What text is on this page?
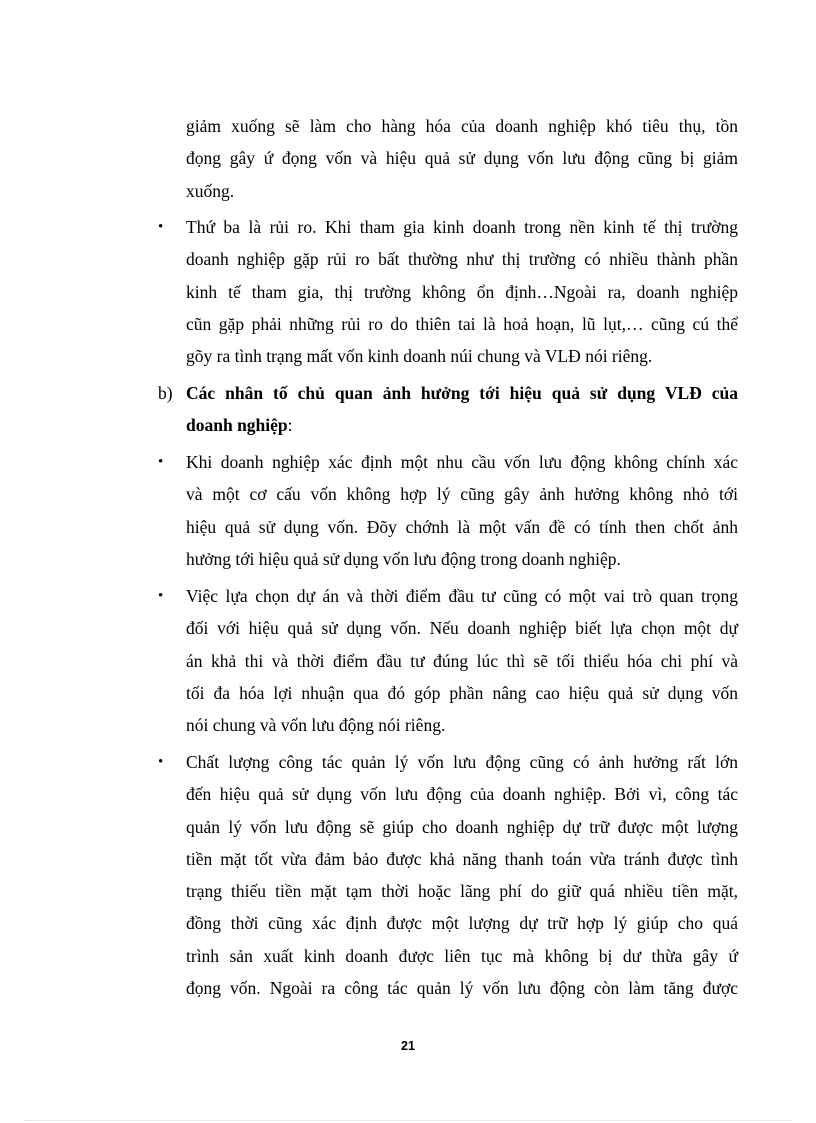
giảm xuống sẽ làm cho hàng hóa của doanh nghiệp khó tiêu thụ, tồn
đọng gây ứ đọng vốn và hiệu quả sử dụng vốn lưu động cũng bị giảm
xuống.
•	Thứ ba là rủi ro. Khi tham gia kinh doanh trong nền kinh tế thị trường
doanh nghiệp gặp rủi ro bất thường như thị trường có nhiều thành phần
kinh tế tham gia, thị trường không ổn định…Ngoài ra, doanh nghiệp
cũn gặp phải những rủi ro do thiên tai là hoả hoạn, lũ lụt,… cũng cú thể
gõy ra tình trạng mất vốn kinh doanh núi chung và VLĐ nói riêng.
b) Các nhân tố chủ quan ảnh hưởng tới hiệu quả sử dụng VLĐ của
doanh nghiệp:
•	Khi doanh nghiệp xác định một nhu cầu vốn lưu động không chính xác
và một cơ cấu vốn không hợp lý cũng gây ảnh hưởng không nhỏ tới
hiệu quả sử dụng vốn. Đõy chớnh là một vấn đề có tính then chốt ảnh
hưởng tới hiệu quả sử dụng vốn lưu động trong doanh nghiệp.
•	Việc lựa chọn dự án và thời điểm đầu tư cũng có một vai trò quan trọng
đối với hiệu quả sử dụng vốn. Nếu doanh nghiệp biết lựa chọn một dự
án khả thi và thời điểm đầu tư đúng lúc thì sẽ tối thiểu hóa chi phí và
tối đa hóa lợi nhuận qua đó góp phần nâng cao hiệu quả sử dụng vốn
nói chung và vốn lưu động nói riêng.
•	Chất lượng công tác quản lý vốn lưu động cũng có ảnh hưởng rất lớn
đến hiệu quả sử dụng vốn lưu động của doanh nghiệp. Bởi vì, công tác
quản lý vốn lưu động sẽ giúp cho doanh nghiệp dự trữ được một lượng
tiền mặt tốt vừa đảm bảo được khả năng thanh toán vừa tránh được tình
trạng thiếu tiền mặt tạm thời hoặc lãng phí do giữ quá nhiều tiền mặt,
đồng thời cũng xác định được một lượng dự trữ hợp lý giúp cho quá
trình sản xuất kinh doanh được liên tục mà không bị dư thừa gây ứ
đọng vốn. Ngoài ra công tác quản lý vốn lưu động còn làm tăng được
21
